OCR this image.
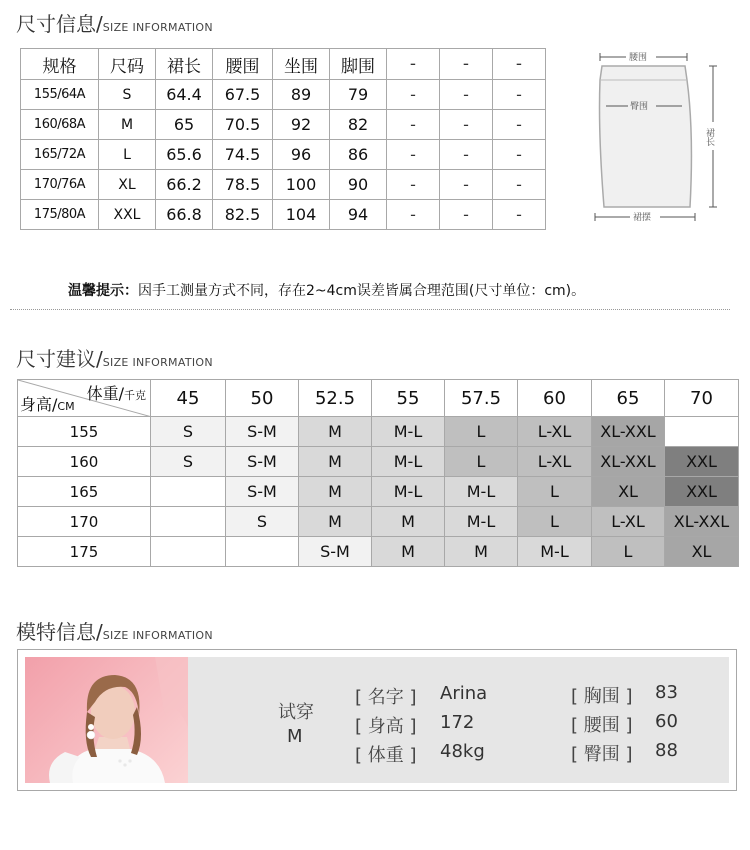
尺寸信息/SIZE INFORMATION
规格	尺码	裙长	腰围	坐围	脚围	-	-	-
155/64A	S	64.4	67.5	89	79	-	-	-
160/68A	M	65	70.5	92	82	-	-	-
165/72A	L	65.6	74.5	96	86	-	-	-
170/76A	XL	66.2	78.5	100	90	-	-	-
175/80A	XXL	66.8	82.5	104	94	-	-	-
腰围
臀围
裙摆
裙长
温馨提示：因手工测量方式不同，存在2~4cm误差皆属合理范围(尺寸单位：cm)。
尺寸建议/SIZE INFORMATION
体重/千克
身高/CM	45	50	52.5	55	57.5	60	65	70
155	S	S-M	M	M-L	L	L-XL	XL-XXL	
160	S	S-M	M	M-L	L	L-XL	XL-XXL	XXL
165		S-M	M	M-L	M-L	L	XL	XXL
170		S	M	M	M-L	L	L-XL	XL-XXL
175			S-M	M	M	M-L	L	XL
模特信息/SIZE INFORMATION
试穿
M
[ 名字 ] Arina
[ 身高 ] 172
[ 体重 ] 48kg
[ 胸围 ] 83
[ 腰围 ] 60
[ 臀围 ] 88
